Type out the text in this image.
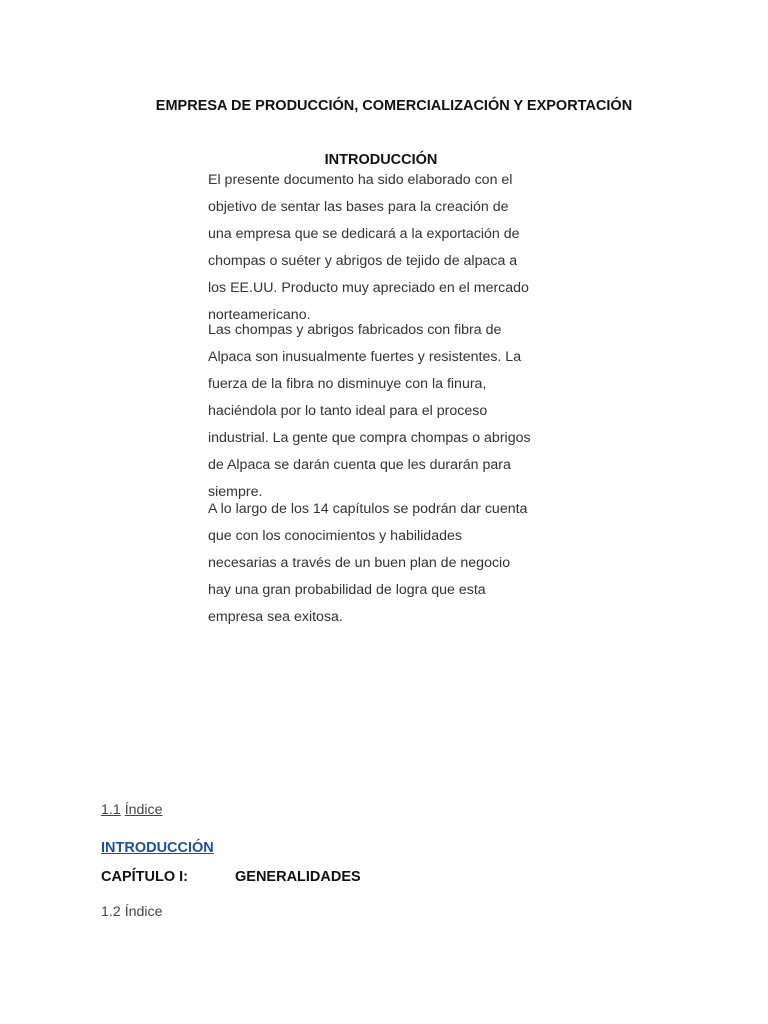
EMPRESA DE PRODUCCIÓN, COMERCIALIZACIÓN Y EXPORTACIÓN
INTRODUCCIÓN

El presente documento ha sido elaborado con el
objetivo de sentar las bases para la creación de
una empresa que se dedicará a la exportación de
chompas o suéter y abrigos de tejido de alpaca a
los EE.UU. Producto muy apreciado en el mercado
norteamericano.

Las chompas y abrigos fabricados con fibra de
Alpaca son inusualmente fuertes y resistentes. La
fuerza de la fibra no disminuye con la finura,
haciéndola por lo tanto ideal para el proceso
industrial. La gente que compra chompas o abrigos
de Alpaca se darán cuenta que les durarán para
siempre.

A lo largo de los 14 capítulos se podrán dar cuenta
que con los conocimientos y habilidades
necesarias a través de un buen plan de negocio
hay una gran probabilidad de logra que esta
empresa sea exitosa.

1.1 Índice
INTRODUCCIÓN
CAPÍTULO I:	GENERALIDADES
1.2 Índice
